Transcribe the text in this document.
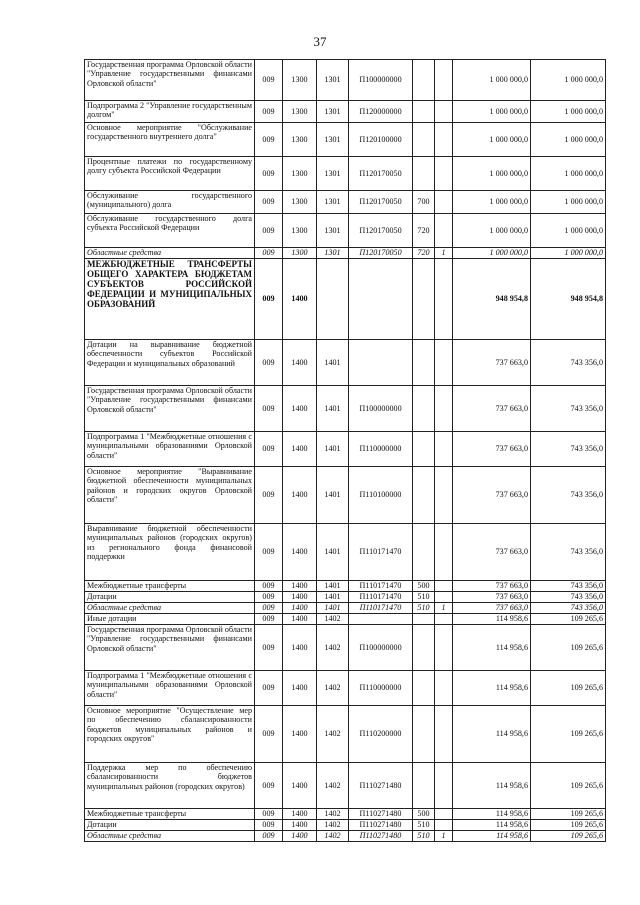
37
Государственная программа Орловской области "Управление государственными финансами Орловской области"	009	1300	1301	П100000000			1 000 000,0	1 000 000,0
Подпрограмма 2 "Управление государственным долгом"	009	1300	1301	П120000000			1 000 000,0	1 000 000,0
Основное мероприятие "Обслуживание государственного внутреннего долга"	009	1300	1301	П120100000			1 000 000,0	1 000 000,0
Процентные платежи по государственному долгу субъекта Российской Федерации	009	1300	1301	П120170050			1 000 000,0	1 000 000,0
Обслуживание государственного (муниципального) долга	009	1300	1301	П120170050	700		1 000 000,0	1 000 000,0
Обслуживание государственного долга субъекта Российской Федерации	009	1300	1301	П120170050	720		1 000 000,0	1 000 000,0
Областные средства	009	1300	1301	П120170050	720	1	1 000 000,0	1 000 000,0
МЕЖБЮДЖЕТНЫЕ ТРАНСФЕРТЫ ОБЩЕГО ХАРАКТЕРА БЮДЖЕТАМ СУБЪЕКТОВ РОССИЙСКОЙ ФЕДЕРАЦИИ И МУНИЦИПАЛЬНЫХ ОБРАЗОВАНИЙ	009	1400					948 954,8	948 954,8
Дотации на выравнивание бюджетной обеспеченности субъектов Российской Федерации и муниципальных образований	009	1400	1401				737 663,0	743 356,0
Государственная программа Орловской области "Управление государственными финансами Орловской области"	009	1400	1401	П100000000			737 663,0	743 356,0
Подпрограмма 1 "Межбюджетные отношения с муниципальными образованиями Орловской области"	009	1400	1401	П110000000			737 663,0	743 356,0
Основное мероприятие "Выравнивание бюджетной обеспеченности муниципальных районов и городских округов Орловской области"	009	1400	1401	П110100000			737 663,0	743 356,0
Выравнивание бюджетной обеспеченности муниципальных районов (городских округов) из регионального фонда финансовой поддержки	009	1400	1401	П110171470			737 663,0	743 356,0
Межбюджетные трансферты	009	1400	1401	П110171470	500		737 663,0	743 356,0
Дотации	009	1400	1401	П110171470	510		737 663,0	743 356,0
Областные средства	009	1400	1401	П110171470	510	1	737 663,0	743 356,0
Иные дотации	009	1400	1402				114 958,6	109 265,6
Государственная программа Орловской области "Управление государственными финансами Орловской области"	009	1400	1402	П100000000			114 958,6	109 265,6
Подпрограмма 1 "Межбюджетные отношения с муниципальными образованиями Орловской области"	009	1400	1402	П110000000			114 958,6	109 265,6
Основное мероприятие "Осуществление мер по обеспечению сбалансированности бюджетов муниципальных районов и городских округов"	009	1400	1402	П110200000			114 958,6	109 265,6
Поддержка мер по обеспечению сбалансированности бюджетов муниципальных районов (городских округов)	009	1400	1402	П110271480			114 958,6	109 265,6
Межбюджетные трансферты	009	1400	1402	П110271480	500		114 958,6	109 265,6
Дотации	009	1400	1402	П110271480	510		114 958,6	109 265,6
Областные средства	009	1400	1402	П110271480	510	1	114 958,6	109 265,6
